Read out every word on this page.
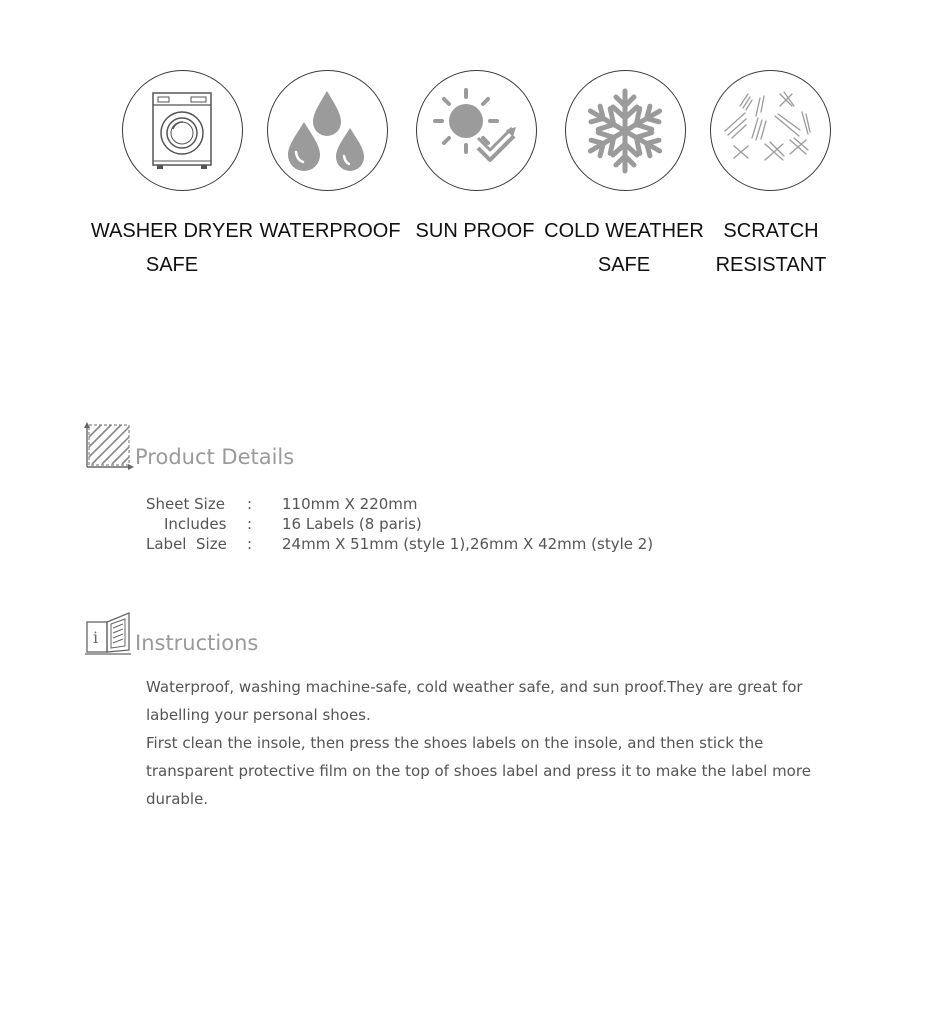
WASHER DRYER
SAFE
WATERPROOF SUN PROOF COLD WEATHER
SAFE
SCRATCH
RESISTANT
Product Details
Sheet Size	: 110mm X 220mm
Includes	: 16 Labels (8 paris)
Label  Size : 24mm X 51mm (style 1),26mm X 42mm (style 2)
i Instructions

Waterproof, washing machine-safe, cold weather safe, and sun proof.They are great for labelling your personal shoes.

First clean the insole, then press the shoes labels on the insole, and then stick the transparent protective film on the top of shoes label and press it to make the label more durable.
